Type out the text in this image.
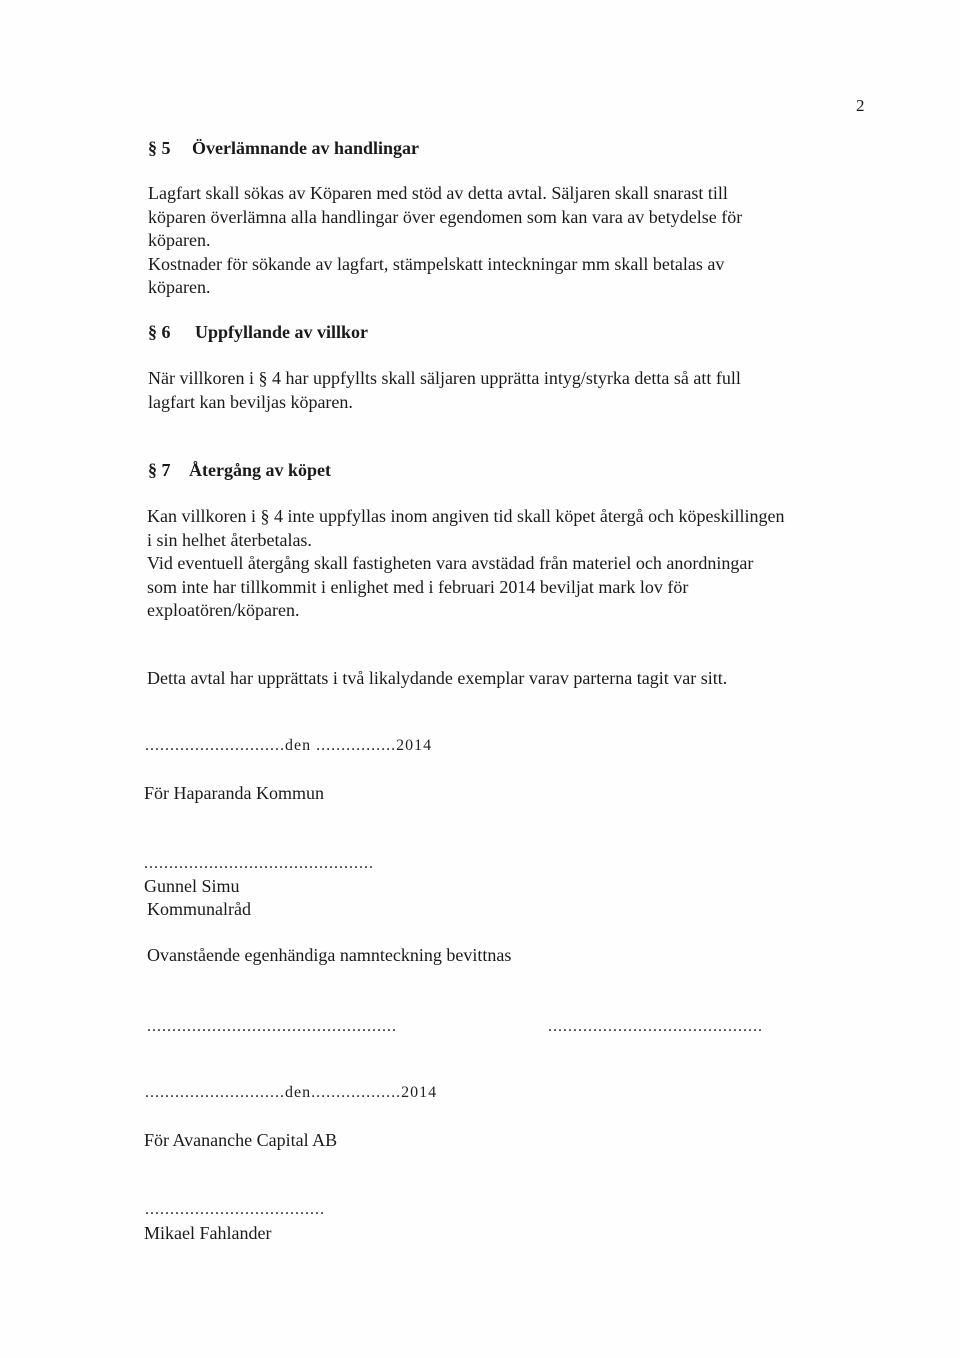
2
§ 5 Överlämnande av handlingar
Lagfart skall sökas av Köparen med stöd av detta avtal. Säljaren skall snarast till
köparen överlämna alla handlingar över egendomen som kan vara av betydelse för
köparen.
Kostnader för sökande av lagfart, stämpelskatt inteckningar mm skall betalas av
köparen.
§ 6 Uppfyllande av villkor
När villkoren i § 4 har uppfyllts skall säljaren upprätta intyg/styrka detta så att full
lagfart kan beviljas köparen.
§ 7 Återgång av köpet
Kan villkoren i § 4 inte uppfyllas inom angiven tid skall köpet återgå och köpeskillingen
i sin helhet återbetalas.
Vid eventuell återgång skall fastigheten vara avstädad från materiel och anordningar
som inte har tillkommit i enlighet med i februari 2014 beviljat mark lov för
exploatören/köparen.
Detta avtal har upprättats i två likalydande exemplar varav parterna tagit var sitt.
............................den ................2014
För Haparanda Kommun
..............................................
Gunnel Simu
Kommunalråd
Ovanstående egenhändiga namnteckning bevittnas
..................................................	...........................................
............................den..................2014
För Avananche Capital AB
....................................
Mikael Fahlander
